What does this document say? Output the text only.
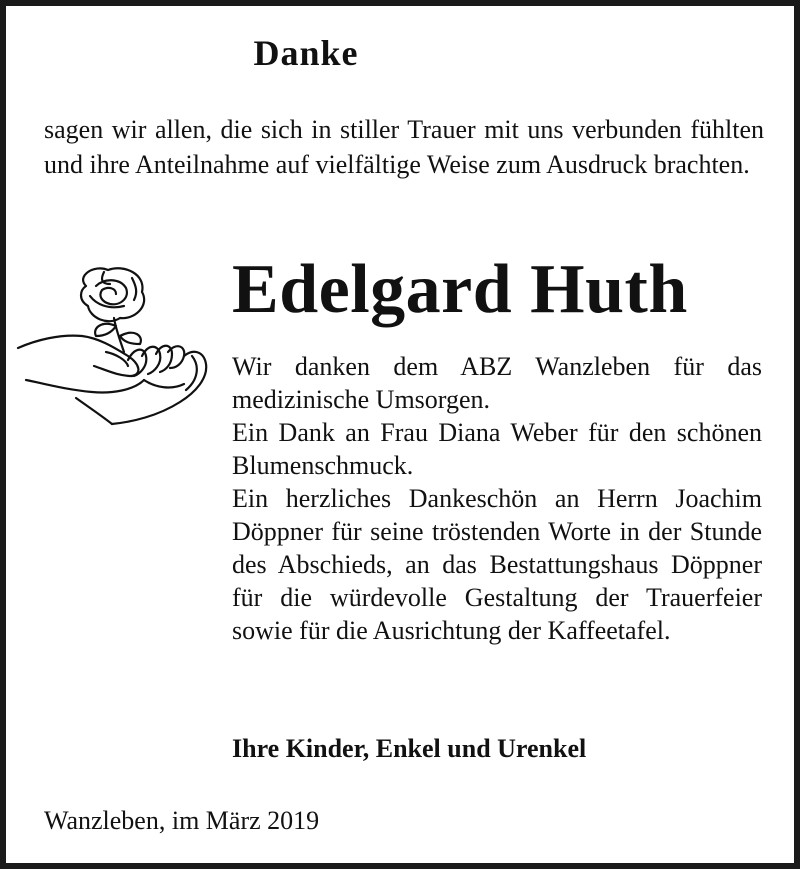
Danke
sagen wir allen, die sich in stiller Trauer mit uns verbunden fühlten und ihre Anteilnahme auf vielfältige Weise zum Ausdruck brachten.
Edelgard Huth

Wir danken dem ABZ Wanzleben für das medizinische Umsorgen.

Ein Dank an Frau Diana Weber für den schönen Blumenschmuck.

Ein herzliches Dankeschön an Herrn Joachim Döppner für seine tröstenden Worte in der Stunde des Abschieds, an das Bestattungshaus Döppner für die würdevolle Gestaltung der Trauerfeier sowie für die Ausrichtung der Kaffeetafel.

Ihre Kinder, Enkel und Urenkel
Wanzleben, im März 2019
